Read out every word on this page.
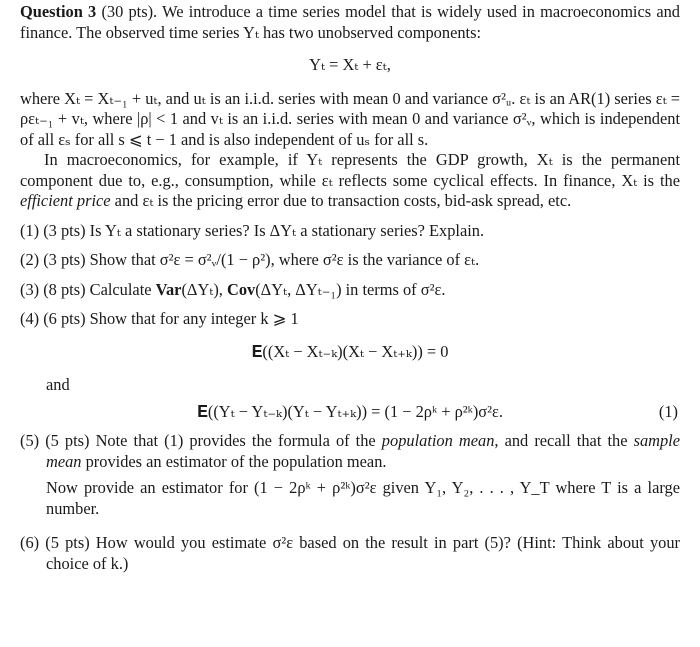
Question 3 (30 pts). We introduce a time series model that is widely used in macroeconomics and finance. The observed time series Yₜ has two unobserved components:

Yₜ = Xₜ + εₜ,

where Xₜ = Xₜ₋₁ + uₜ, and uₜ is an i.i.d. series with mean 0 and variance σ²ᵤ. εₜ is an AR(1) series εₜ = ρεₜ₋₁ + vₜ, where |ρ| < 1 and vₜ is an i.i.d. series with mean 0 and variance σ²ᵥ, which is independent of all εₛ for all s ⩽ t − 1 and is also independent of uₛ for all s.

In macroeconomics, for example, if Yₜ represents the GDP growth, Xₜ is the permanent component due to, e.g., consumption, while εₜ reflects some cyclical effects. In finance, Xₜ is the efficient price and εₜ is the pricing error due to transaction costs, bid-ask spread, etc.

(1) (3 pts) Is Yₜ a stationary series? Is ΔYₜ a stationary series? Explain.

(2) (3 pts) Show that σ²ε = σ²ᵥ/(1 − ρ²), where σ²ε is the variance of εₜ.

(3) (8 pts) Calculate Var(ΔYₜ), Cov(ΔYₜ, ΔYₜ₋₁) in terms of σ²ε.

(4) (6 pts) Show that for any integer k ⩾ 1

𝐄((Xₜ − Xₜ₋ₖ)(Xₜ − Xₜ₊ₖ)) = 0

and

𝐄((Yₜ − Yₜ₋ₖ)(Yₜ − Yₜ₊ₖ)) = (1 − 2ρᵏ + ρ²ᵏ)σ²ε.	(1)

(5) (5 pts) Note that (1) provides the formula of the population mean, and recall that the sample mean provides an estimator of the population mean.
Now provide an estimator for (1 − 2ρᵏ + ρ²ᵏ)σ²ε given Y₁, Y₂, . . . , Y_T where T is a large number.

(6) (5 pts) How would you estimate σ²ε based on the result in part (5)? (Hint: Think about your choice of k.)
